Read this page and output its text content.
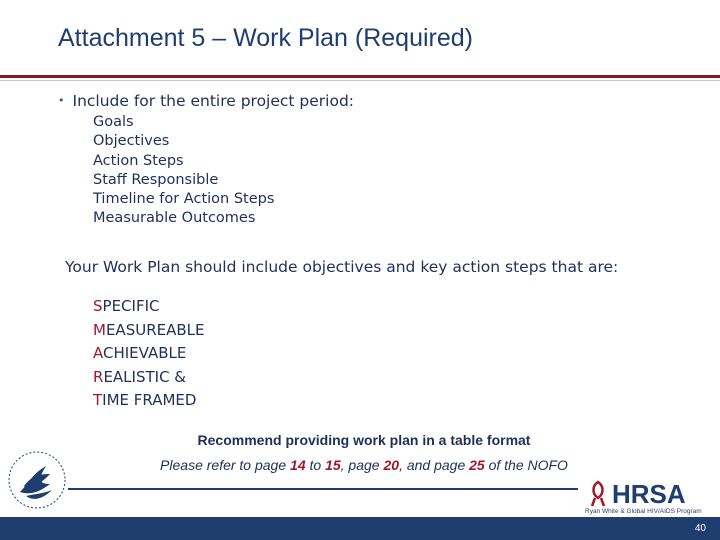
Attachment 5 – Work Plan (Required)
• Include for the entire project period:
Goals
Objectives
Action Steps
Staff Responsible
Timeline for Action Steps
Measurable Outcomes
Your Work Plan should include objectives and key action steps that are:
SPECIFIC
MEASUREABLE
ACHIEVABLE
REALISTIC &
TIME FRAMED
Recommend providing work plan in a table format
Please refer to page 14 to 15, page 20, and page 25 of the NOFO
HRSA
Ryan White & Global HIV/AIDS Program
40
